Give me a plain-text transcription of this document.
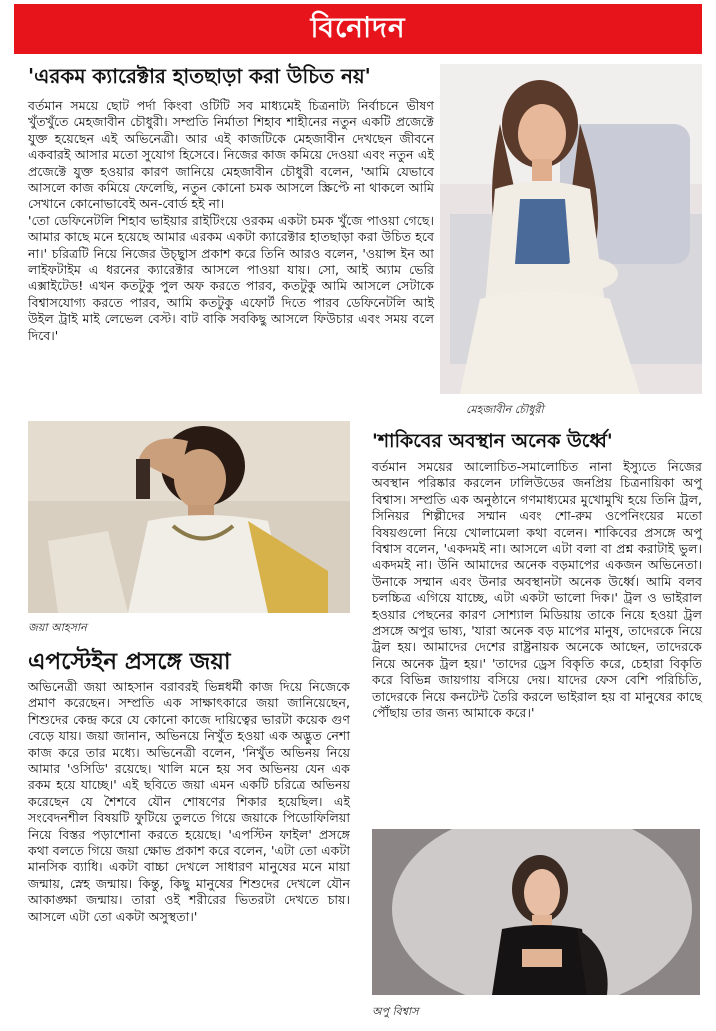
বিনোদন
'এরকম ক্যারেক্টার হাতছাড়া করা উচিত নয়'

বর্তমান সময়ে ছোট পর্দা কিংবা ওটিটি সব মাধ্যমেই চিত্রনাট্য নির্বাচনে ভীষণ খুঁতখুঁতে মেহজাবীন চৌধুরী। সম্প্রতি নির্মাতা শিহাব শাহীনের নতুন একটি প্রজেক্টে যুক্ত হয়েছেন এই অভিনেত্রী। আর এই কাজটিকে মেহজাবীন দেখছেন জীবনে একবারই আসার মতো সুযোগ হিসেবে। নিজের কাজ কমিয়ে দেওয়া এবং নতুন এই প্রজেক্টে যুক্ত হওয়ার কারণ জানিয়ে মেহজাবীন চৌধুরী বলেন, 'আমি যেভাবে আসলে কাজ কমিয়ে ফেলেছি, নতুন কোনো চমক আসলে স্ক্রিপ্টে না থাকলে আমি সেখানে কোনোভাবেই অন-বোর্ড হই না।

'তো ডেফিনেটলি শিহাব ভাইয়ার রাইটিংয়ে ওরকম একটা চমক খুঁজে পাওয়া গেছে। আমার কাছে মনে হয়েছে আমার এরকম একটা ক্যারেক্টার হাতছাড়া করা উচিত হবে না।' চরিত্রটি নিয়ে নিজের উচ্ছ্বাস প্রকাশ করে তিনি আরও বলেন, 'ওয়ান্স ইন আ লাইফটাইম এ ধরনের ক্যারেক্টার আসলে পাওয়া যায়। সো, আই অ্যাম ভেরি এক্সাইটেড! এখন কতটুকু পুল অফ করতে পারব, কতটুকু আমি আসলে সেটাকে বিশ্বাসযোগ্য করতে পারব, আমি কতটুকু এফোর্ট দিতে পারব ডেফিনেটলি আই উইল ট্রাই মাই লেভেল বেস্ট। বাট বাকি সবকিছু আসলে ফিউচার এবং সময় বলে দিবে।'

মেহজাবীন চৌধুরী
'শাকিবের অবস্থান অনেক উর্ধ্বে'

বর্তমান সময়ের আলোচিত-সমালোচিত নানা ইস্যুতে নিজের অবস্থান পরিষ্কার করলেন ঢালিউডের জনপ্রিয় চিত্রনায়িকা অপু বিশ্বাস। সম্প্রতি এক অনুষ্ঠানে গণমাধ্যমের মুখোমুখি হয়ে তিনি ট্রল, সিনিয়র শিল্পীদের সম্মান এবং শো-রুম ওপেনিংয়ের মতো বিষয়গুলো নিয়ে খোলামেলা কথা বলেন। শাকিবের প্রসঙ্গে অপু বিশ্বাস বলেন, 'একদমই না। আসলে এটা বলা বা প্রশ্ন করাটাই ভুল। একদমই না। উনি আমাদের অনেক বড়মাপের একজন অভিনেতা। উনাকে সম্মান এবং উনার অবস্থানটা অনেক উর্ধ্বে। আমি বলব চলচ্চিত্র এগিয়ে যাচ্ছে, এটা একটা ভালো দিক।' ট্রল ও ভাইরাল হওয়ার পেছনের কারণ সোশ্যাল মিডিয়ায় তাকে নিয়ে হওয়া ট্রল প্রসঙ্গে অপুর ভাষ্য, 'যারা অনেক বড় মাপের মানুষ, তাদেরকে নিয়ে ট্রল হয়। আমাদের দেশের রাষ্ট্রনায়ক অনেকে আছেন, তাদেরকে নিয়ে অনেক ট্রল হয়।' 'তাদের ড্রেস বিকৃতি করে, চেহারা বিকৃতি করে বিভিন্ন জায়গায় বসিয়ে দেয়। যাদের ফেস বেশি পরিচিতি, তাদেরকে নিয়ে কনটেন্ট তৈরি করলে ভাইরাল হয় বা মানুষের কাছে পৌঁছায় তার জন্য আমাকে করে।'

অপু বিশ্বাস
জয়া আহসান
এপস্টেইন প্রসঙ্গে জয়া

অভিনেত্রী জয়া আহসান বরাবরই ভিন্নধর্মী কাজ দিয়ে নিজেকে প্রমাণ করেছেন। সম্প্রতি এক সাক্ষাৎকারে জয়া জানিয়েছেন, শিশুদের কেন্দ্র করে যে কোনো কাজে দায়িত্বের ভারটা কয়েক গুণ বেড়ে যায়। জয়া জানান, অভিনয়ে নিখুঁত হওয়া এক অদ্ভুত নেশা কাজ করে তার মধ্যে। অভিনেত্রী বলেন, 'নিখুঁত অভিনয় নিয়ে আমার 'ওসিডি' রয়েছে। খালি মনে হয় সব অভিনয় যেন এক রকম হয়ে যাচ্ছে।' এই ছবিতে জয়া এমন একটি চরিত্রে অভিনয় করেছেন যে শৈশবে যৌন শোষণের শিকার হয়েছিল। এই সংবেদনশীল বিষয়টি ফুটিয়ে তুলতে গিয়ে জয়াকে পিডোফিলিয়া নিয়ে বিস্তর পড়াশোনা করতে হয়েছে। 'এপস্টিন ফাইল' প্রসঙ্গে কথা বলতে গিয়ে জয়া ক্ষোভ প্রকাশ করে বলেন, 'এটা তো একটা মানসিক ব্যাধি। একটা বাচ্চা দেখলে সাধারণ মানুষের মনে মায়া জন্মায়, স্নেহ জন্মায়। কিন্তু, কিছু মানুষের শিশুদের দেখলে যৌন আকাঙ্ক্ষা জন্মায়। তারা ওই শরীরের ভিতরটা দেখতে চায়। আসলে এটা তো একটা অসুস্থতা।'
